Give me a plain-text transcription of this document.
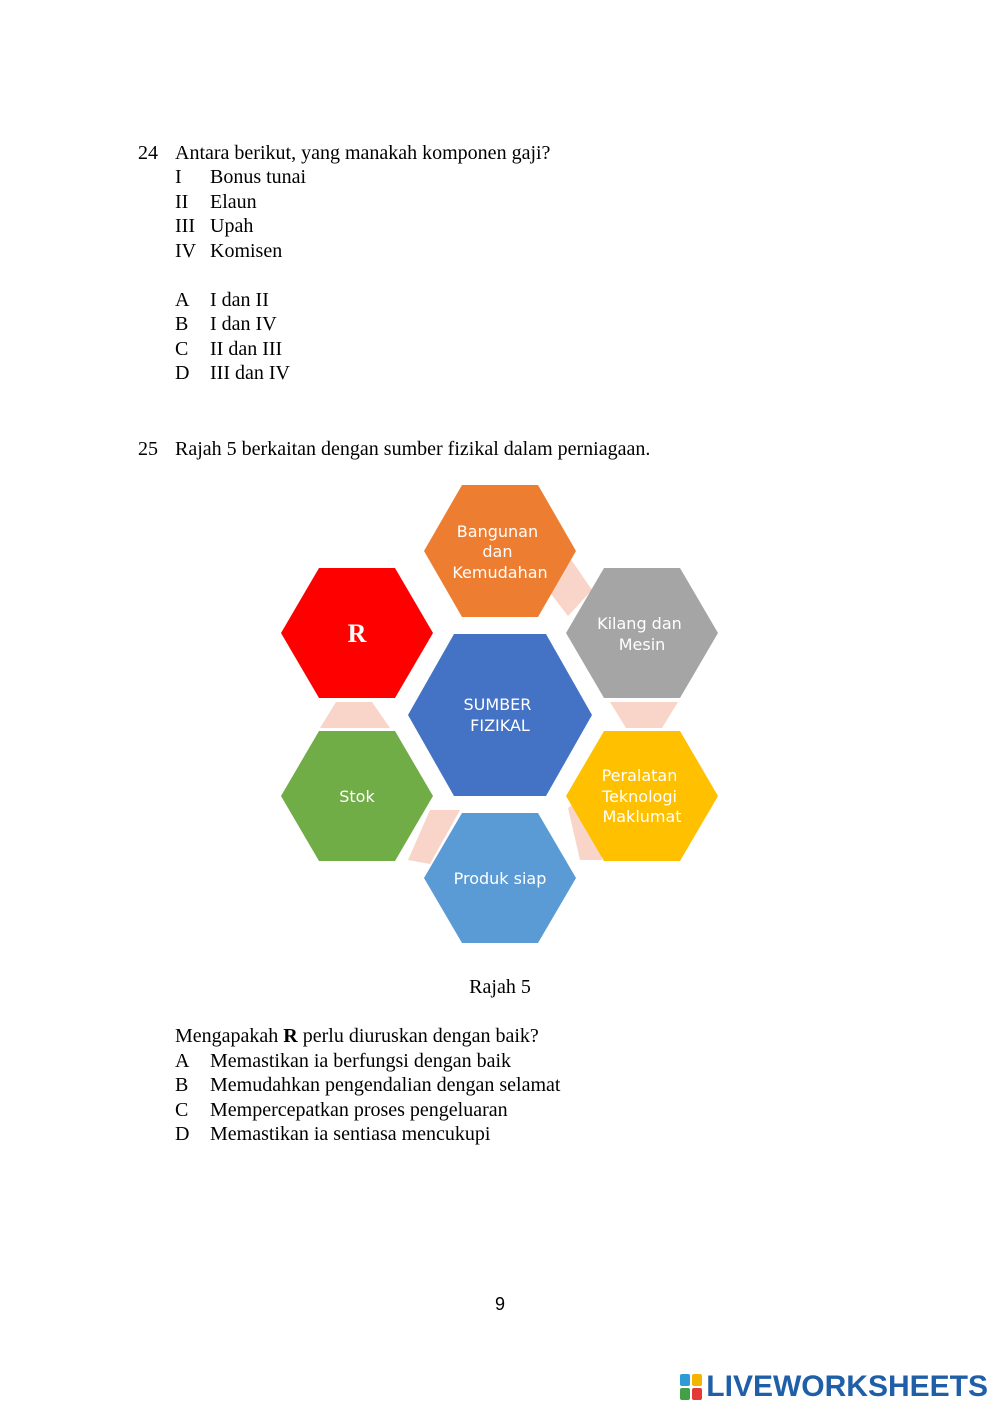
24 Antara berikut, yang manakah komponen gaji?
I Bonus tunai
II Elaun
III Upah
IV Komisen
A I dan II
B I dan IV
C II dan III
D III dan IV
25 Rajah 5 berkaitan dengan sumber fizikal dalam perniagaan.
SUMBER FIZIKAL
Bangunan dan Kemudahan
Kilang dan Mesin
Peralatan Teknologi Maklumat
Produk siap
Stok
R
Rajah 5
Mengapakah R perlu diuruskan dengan baik?
A Memastikan ia berfungsi dengan baik
B Memudahkan pengendalian dengan selamat
C Mempercepatkan proses pengeluaran
D Memastikan ia sentiasa mencukupi
9
LIVEWORKSHEETS
